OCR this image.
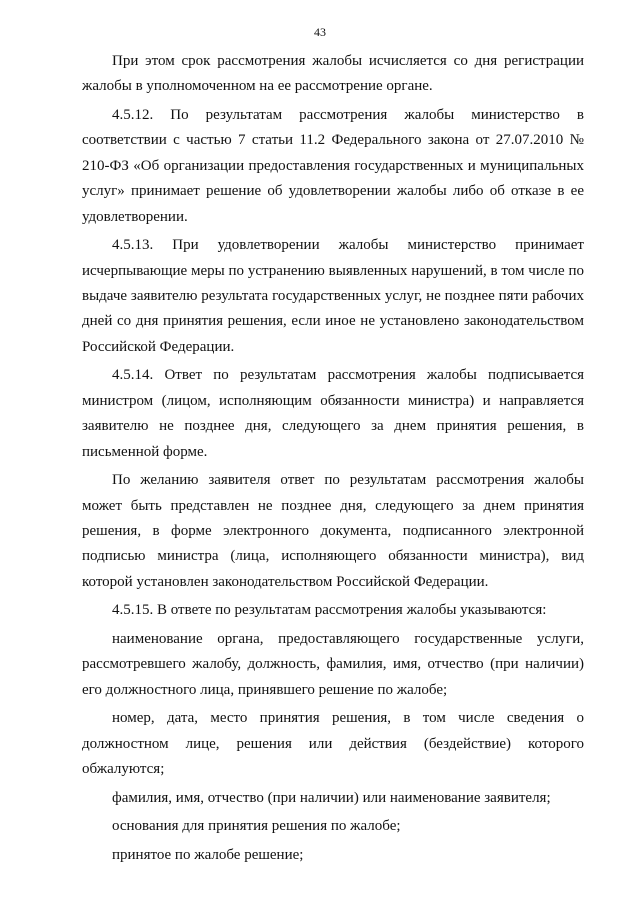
43

При этом срок рассмотрения жалобы исчисляется со дня регистрации жалобы в уполномоченном на ее рассмотрение органе.

4.5.12. По результатам рассмотрения жалобы министерство в соответствии с частью 7 статьи 11.2 Федерального закона от 27.07.2010 № 210-ФЗ «Об организации предоставления государственных и муниципальных услуг» принимает решение об удовлетворении жалобы либо об отказе в ее удовлетворении.

4.5.13. При удовлетворении жалобы министерство принимает исчерпывающие меры по устранению выявленных нарушений, в том числе по выдаче заявителю результата государственных услуг, не позднее пяти рабочих дней со дня принятия решения, если иное не установлено законодательством Российской Федерации.

4.5.14. Ответ по результатам рассмотрения жалобы подписывается министром (лицом, исполняющим обязанности министра) и направляется заявителю не позднее дня, следующего за днем принятия решения, в письменной форме.

По желанию заявителя ответ по результатам рассмотрения жалобы может быть представлен не позднее дня, следующего за днем принятия решения, в форме электронного документа, подписанного электронной подписью министра (лица, исполняющего обязанности министра), вид которой установлен законодательством Российской Федерации.

4.5.15. В ответе по результатам рассмотрения жалобы указываются:

наименование органа, предоставляющего государственные услуги, рассмотревшего жалобу, должность, фамилия, имя, отчество (при наличии) его должностного лица, принявшего решение по жалобе;

номер, дата, место принятия решения, в том числе сведения о должностном лице, решения или действия (бездействие) которого обжалуются;

фамилия, имя, отчество (при наличии) или наименование заявителя;

основания для принятия решения по жалобе;

принятое по жалобе решение;
